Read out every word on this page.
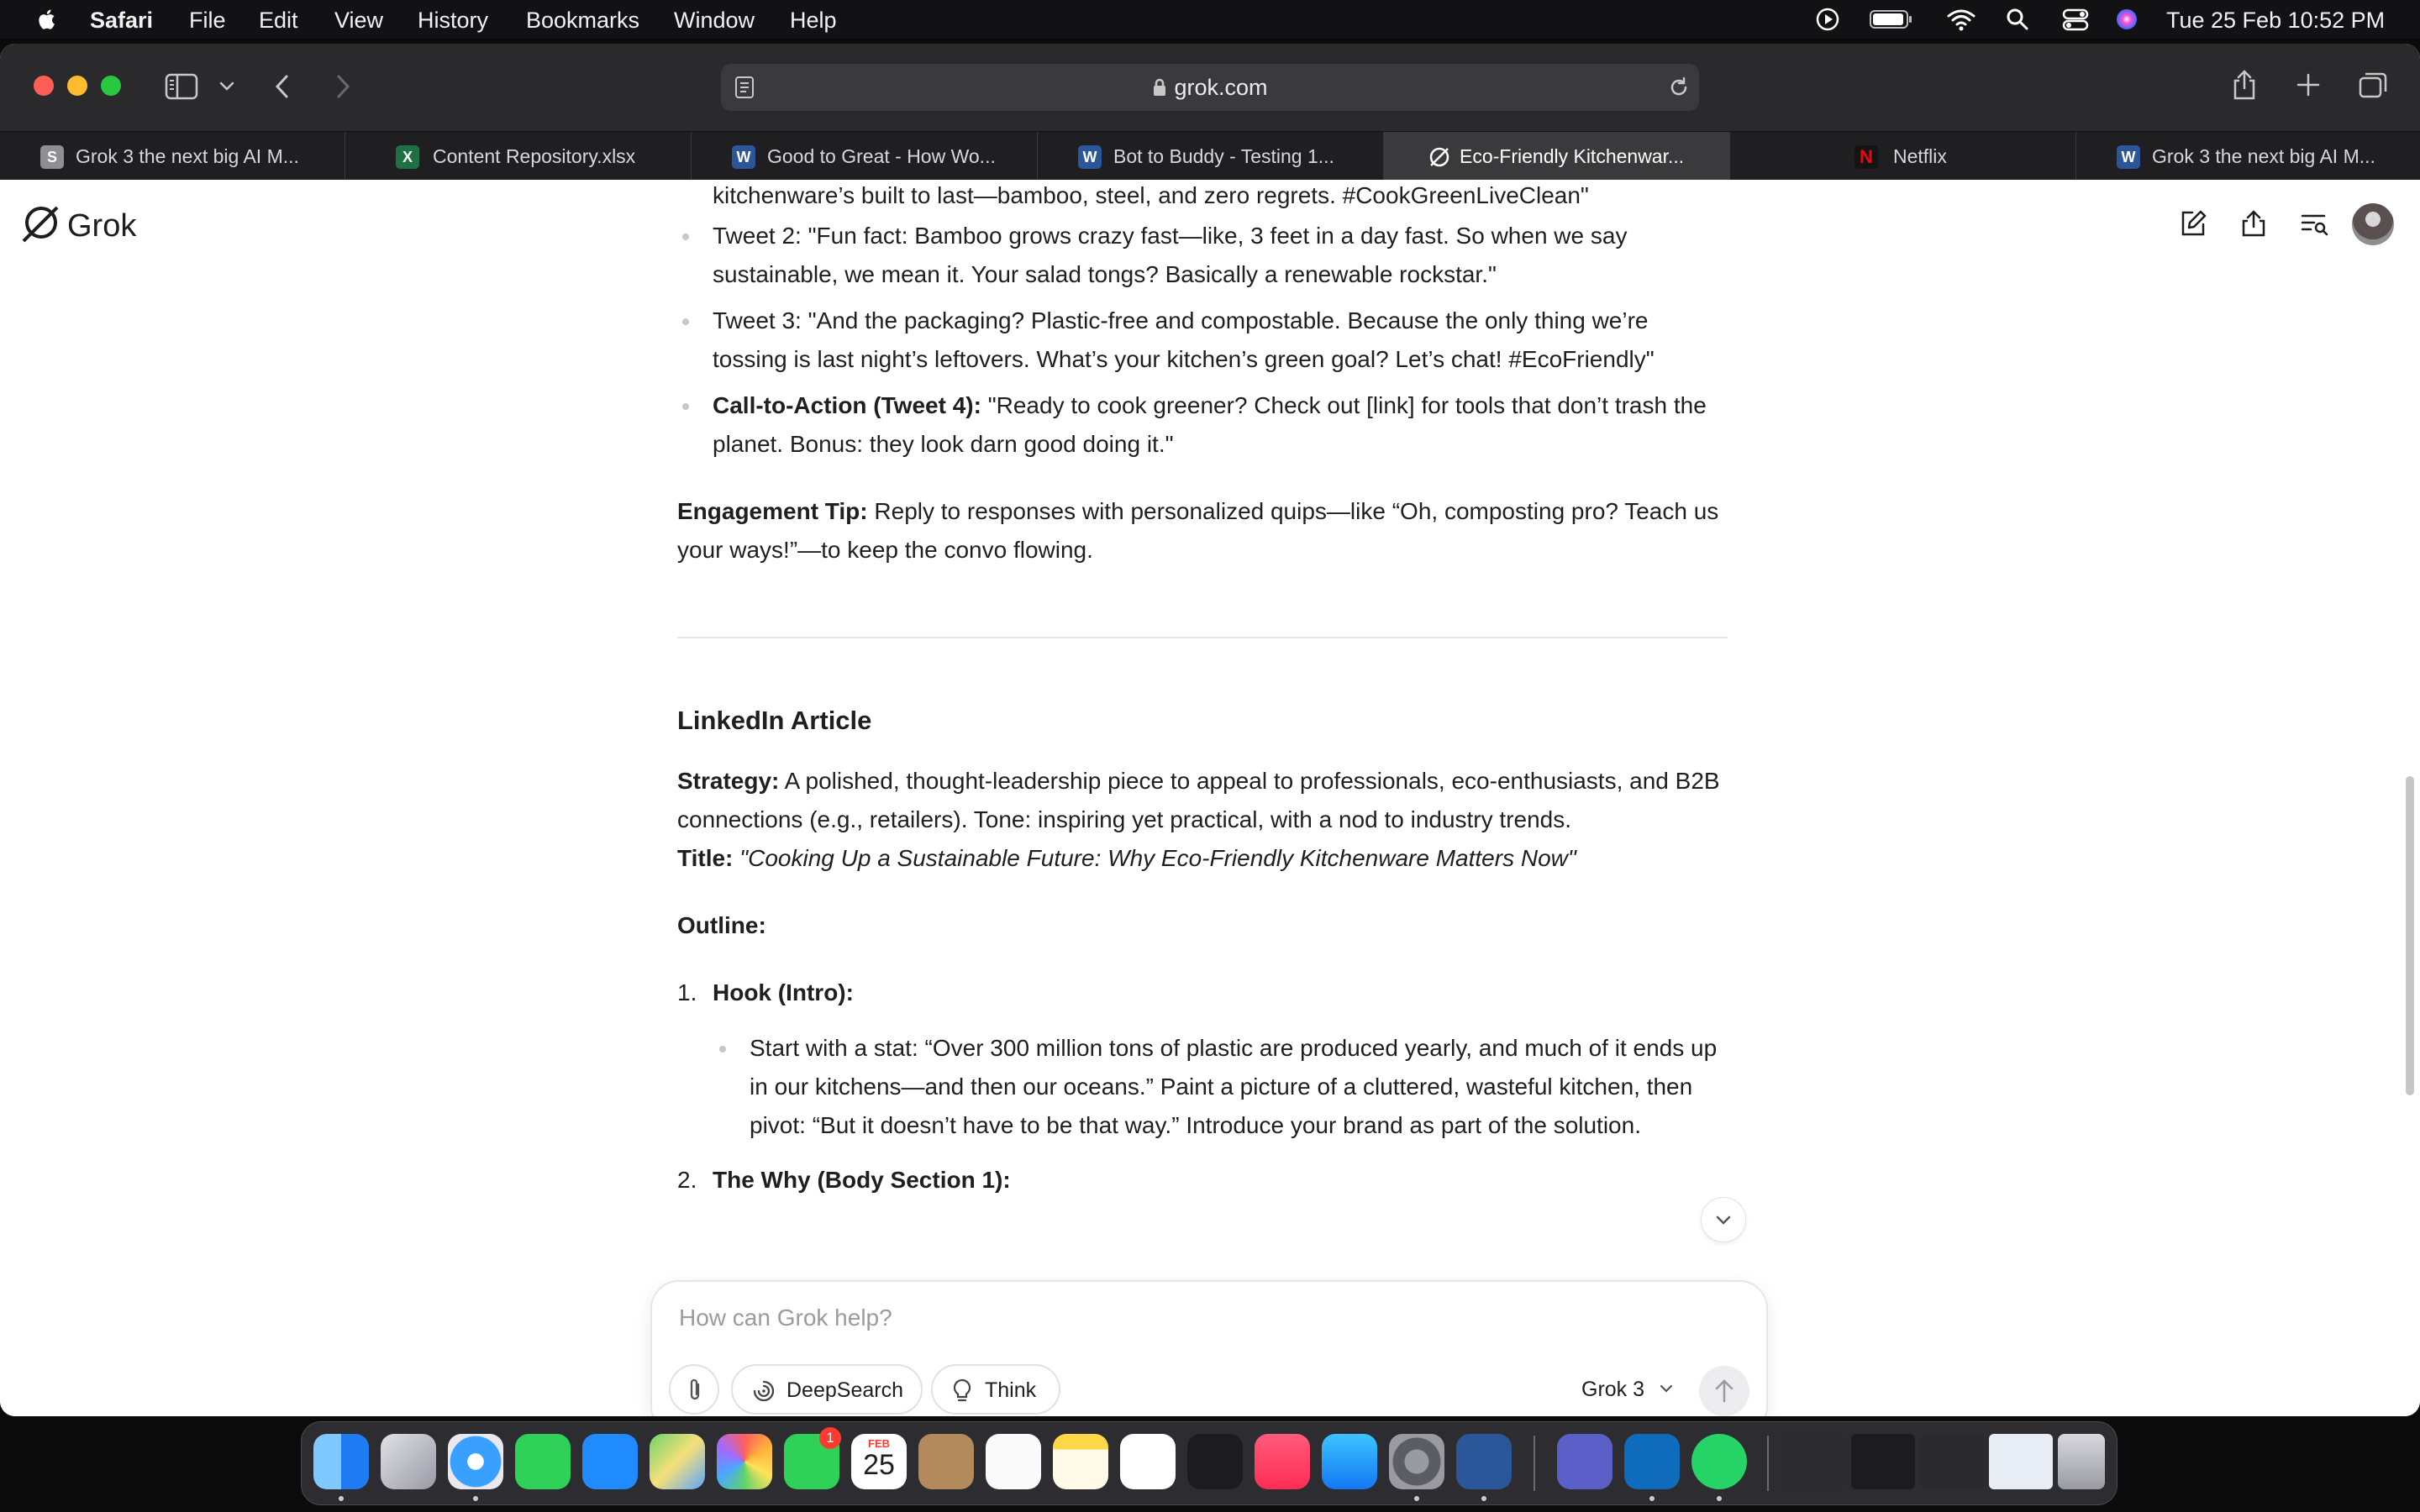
Safari File Edit View History Bookmarks Window Help	Tue 25 Feb 10:52 PM
grok.com
S Grok 3 the next big AI M...	X	Content Repository.xlsx	W Good to Great - How Wo...	W Bot to Buddy - Testing 1...	Eco-Friendly Kitchenwar...	N Netflix	W Grok 3 the next big AI M...
Grok

kitchenware’s built to last—bamboo, steel, and zero regrets. #CookGreenLiveClean"

Tweet 2: "Fun fact: Bamboo grows crazy fast—like, 3 feet in a day fast. So when we say sustainable, we mean it. Your salad tongs? Basically a renewable rockstar."

Tweet 3: "And the packaging? Plastic-free and compostable. Because the only thing we’re tossing is last night’s leftovers. What’s your kitchen’s green goal? Let’s chat! #EcoFriendly"

Call-to-Action (Tweet 4): "Ready to cook greener? Check out [link] for tools that don’t trash the planet. Bonus: they look darn good doing it."

Engagement Tip: Reply to responses with personalized quips—like “Oh, composting pro? Teach us your ways!”—to keep the convo flowing.

LinkedIn Article

Strategy: A polished, thought-leadership piece to appeal to professionals, eco-enthusiasts, and B2B connections (e.g., retailers). Tone: inspiring yet practical, with a nod to industry trends.

Title: "Cooking Up a Sustainable Future: Why Eco-Friendly Kitchenware Matters Now"

Outline:

1. Hook (Intro):

Start with a stat: “Over 300 million tons of plastic are produced yearly, and much of it ends up in our kitchens—and then our oceans.” Paint a picture of a cluttered, wasteful kitchen, then pivot: “But it doesn’t have to be that way.” Introduce your brand as part of the solution.

2. The Why (Body Section 1):

How can Grok help?
DeepSearch	Think	Grok 3
1	FEB
25
